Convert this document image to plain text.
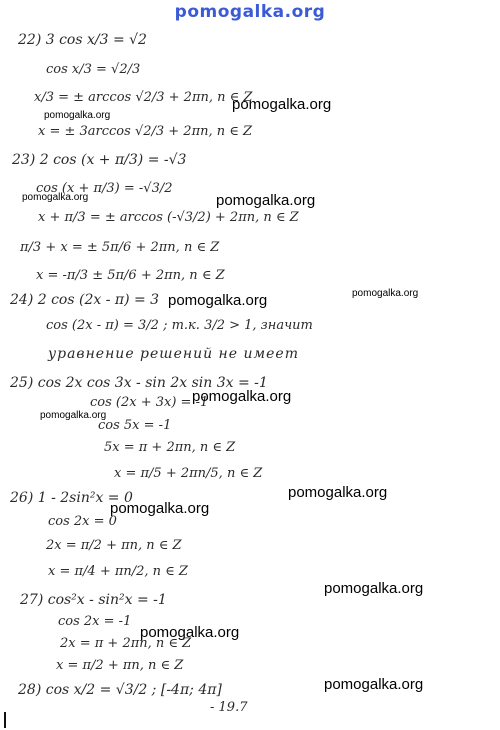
pomogalka.org
22) 3 cos x/3 = √2
cos x/3 = √2/3
x/3 = ± arccos √2/3 + 2πn, n ∈ Z
x = ± 3arccos √2/3 + 2πn, n ∈ Z
23) 2 cos (x + π/3) = -√3
cos (x + π/3) = -√3/2
x + π/3 = ± arccos (-√3/2) + 2πn, n ∈ Z
π/3 + x = ± 5π/6 + 2πn, n ∈ Z
x = -π/3 ± 5π/6 + 2πn, n ∈ Z
24) 2 cos (2x - π) = 3
cos (2x - π) = 3/2 ; т.к. 3/2 > 1, значит
уравнение решений не имеет
25) cos 2x cos 3x - sin 2x sin 3x = -1
cos (2x + 3x) = -1
cos 5x = -1
5x = π + 2πn, n ∈ Z
x = π/5 + 2πn/5, n ∈ Z
26) 1 - 2sin²x = 0
cos 2x = 0
2x = π/2 + πn, n ∈ Z
x = π/4 + πn/2, n ∈ Z
27) cos²x - sin²x = -1
cos 2x = -1
2x = π + 2πn, n ∈ Z
x = π/2 + πn, n ∈ Z
28) cos x/2 = √3/2 ; [-4π; 4π]
- 19.7
pomogalka.org
pomogalka.org
pomogalka.org	pomogalka.org
pomogalka.org	pomogalka.org
pomogalka.org
pomogalka.org
pomogalka.org
pomogalka.org
pomogalka.org
pomogalka.org
pomogalka.org
